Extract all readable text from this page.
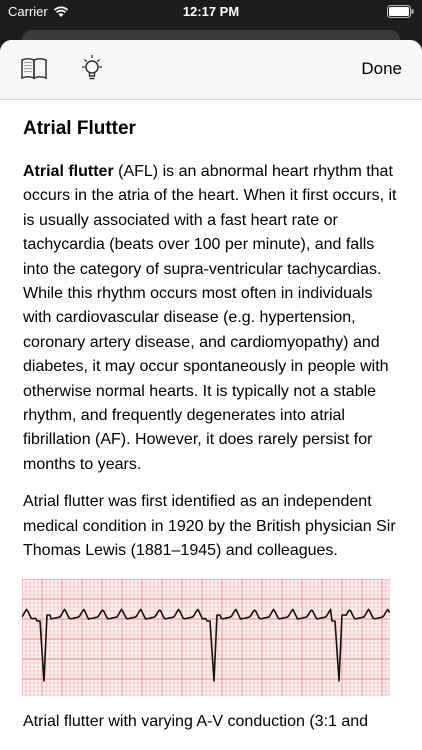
Carrier	12:17 PM
Done
Atrial Flutter

Atrial flutter (AFL) is an abnormal heart rhythm that occurs in the atria of the heart. When it first occurs, it is usually associated with a fast heart rate or tachycardia (beats over 100 per minute), and falls into the category of supra-ventricular tachycardias. While this rhythm occurs most often in individuals with cardiovascular disease (e.g. hypertension, coronary artery disease, and cardiomyopathy) and diabetes, it may occur spontaneously in people with otherwise normal hearts. It is typically not a stable rhythm, and frequently degenerates into atrial fibrillation (AF). However, it does rarely persist for months to years.

Atrial flutter was first identified as an independent medical condition in 1920 by the British physician Sir Thomas Lewis (1881–1945) and colleagues.

Atrial flutter with varying A-V conduction (3:1 and
